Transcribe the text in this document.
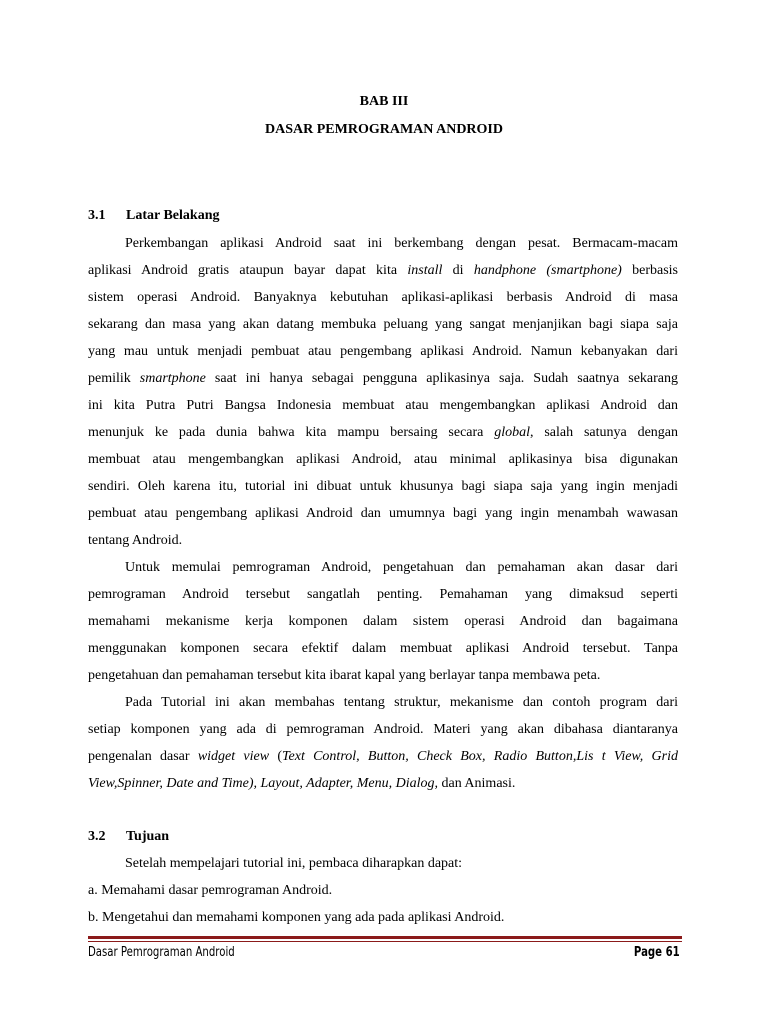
BAB III
DASAR PEMROGRAMAN ANDROID
3.1 Latar Belakang
Perkembangan aplikasi Android saat ini berkembang dengan pesat. Bermacam-macam
aplikasi Android gratis ataupun bayar dapat kita install di handphone (smartphone) berbasis
sistem operasi Android. Banyaknya kebutuhan aplikasi-aplikasi berbasis Android di masa
sekarang dan masa yang akan datang membuka peluang yang sangat menjanjikan bagi siapa saja
yang mau untuk menjadi pembuat atau pengembang aplikasi Android. Namun kebanyakan dari
pemilik smartphone saat ini hanya sebagai pengguna aplikasinya saja. Sudah saatnya sekarang
ini kita Putra Putri Bangsa Indonesia membuat atau mengembangkan aplikasi Android dan
menunjuk ke pada dunia bahwa kita mampu bersaing secara global, salah satunya dengan
membuat atau mengembangkan aplikasi Android, atau minimal aplikasinya bisa digunakan
sendiri. Oleh karena itu, tutorial ini dibuat untuk khusunya bagi siapa saja yang ingin menjadi
pembuat atau pengembang aplikasi Android dan umumnya bagi yang ingin menambah wawasan
tentang Android.
Untuk memulai pemrograman Android, pengetahuan dan pemahaman akan dasar dari
pemrograman Android tersebut sangatlah penting. Pemahaman yang dimaksud seperti
memahami mekanisme kerja komponen dalam sistem operasi Android dan bagaimana
menggunakan komponen secara efektif dalam membuat aplikasi Android tersebut. Tanpa
pengetahuan dan pemahaman tersebut kita ibarat kapal yang berlayar tanpa membawa peta.
Pada Tutorial ini akan membahas tentang struktur, mekanisme dan contoh program dari
setiap komponen yang ada di pemrograman Android. Materi yang akan dibahasa diantaranya
pengenalan dasar widget view (Text Control, Button, Check Box, Radio Button,Lis t View, Grid
View,Spinner, Date and Time), Layout, Adapter, Menu, Dialog, dan Animasi.
3.2 Tujuan
Setelah mempelajari tutorial ini, pembaca diharapkan dapat:
a. Memahami dasar pemrograman Android.
b. Mengetahui dan memahami komponen yang ada pada aplikasi Android.
Dasar Pemrograman Android	Page 61
